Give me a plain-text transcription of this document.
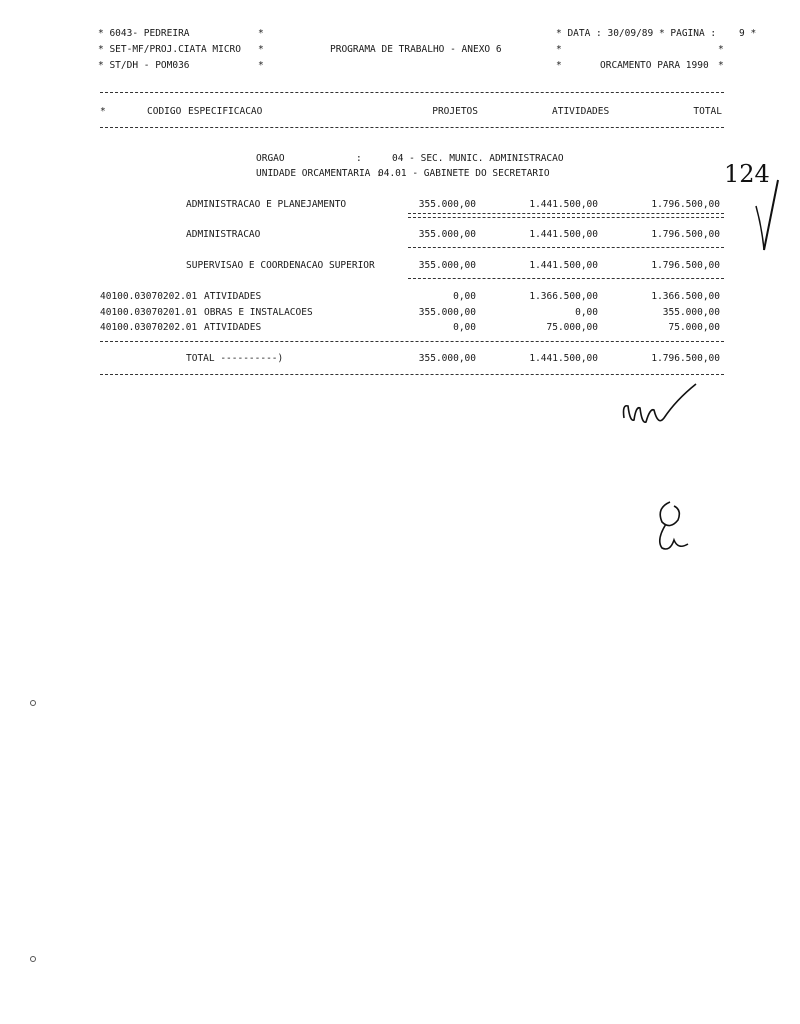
* 6043- PEDREIRA
* SET-MF/PROJ.CIATA MICRO
* ST/DH - POM036
*
*
*
PROGRAMA DE TRABALHO - ANEXO 6
* DATA : 30/09/89 * PAGINA :    9 *
*	*
*	ORCAMENTO PARA 1990 *
*	CODIGO ESPECIFICACAO	PROJETOS	ATIVIDADES	TOTAL
ORGAO	:	04 - SEC. MUNIC. ADMINISTRACAO
UNIDADE ORCAMENTARIA :
04.01 - GABINETE DO SECRETARIO
ADMINISTRACAO E PLANEJAMENTO	355.000,00	1.441.500,00	1.796.500,00
ADMINISTRACAO	355.000,00	1.441.500,00	1.796.500,00
SUPERVISAO E COORDENACAO SUPERIOR	355.000,00	1.441.500,00	1.796.500,00
40100.03070202.01 ATIVIDADES	0,00	1.366.500,00	1.366.500,00
40100.03070201.01 OBRAS E INSTALACOES	355.000,00	0,00	355.000,00
40100.03070202.01 ATIVIDADES	0,00	75.000,00	75.000,00
TOTAL ----------)	355.000,00	1.441.500,00	1.796.500,00
124
